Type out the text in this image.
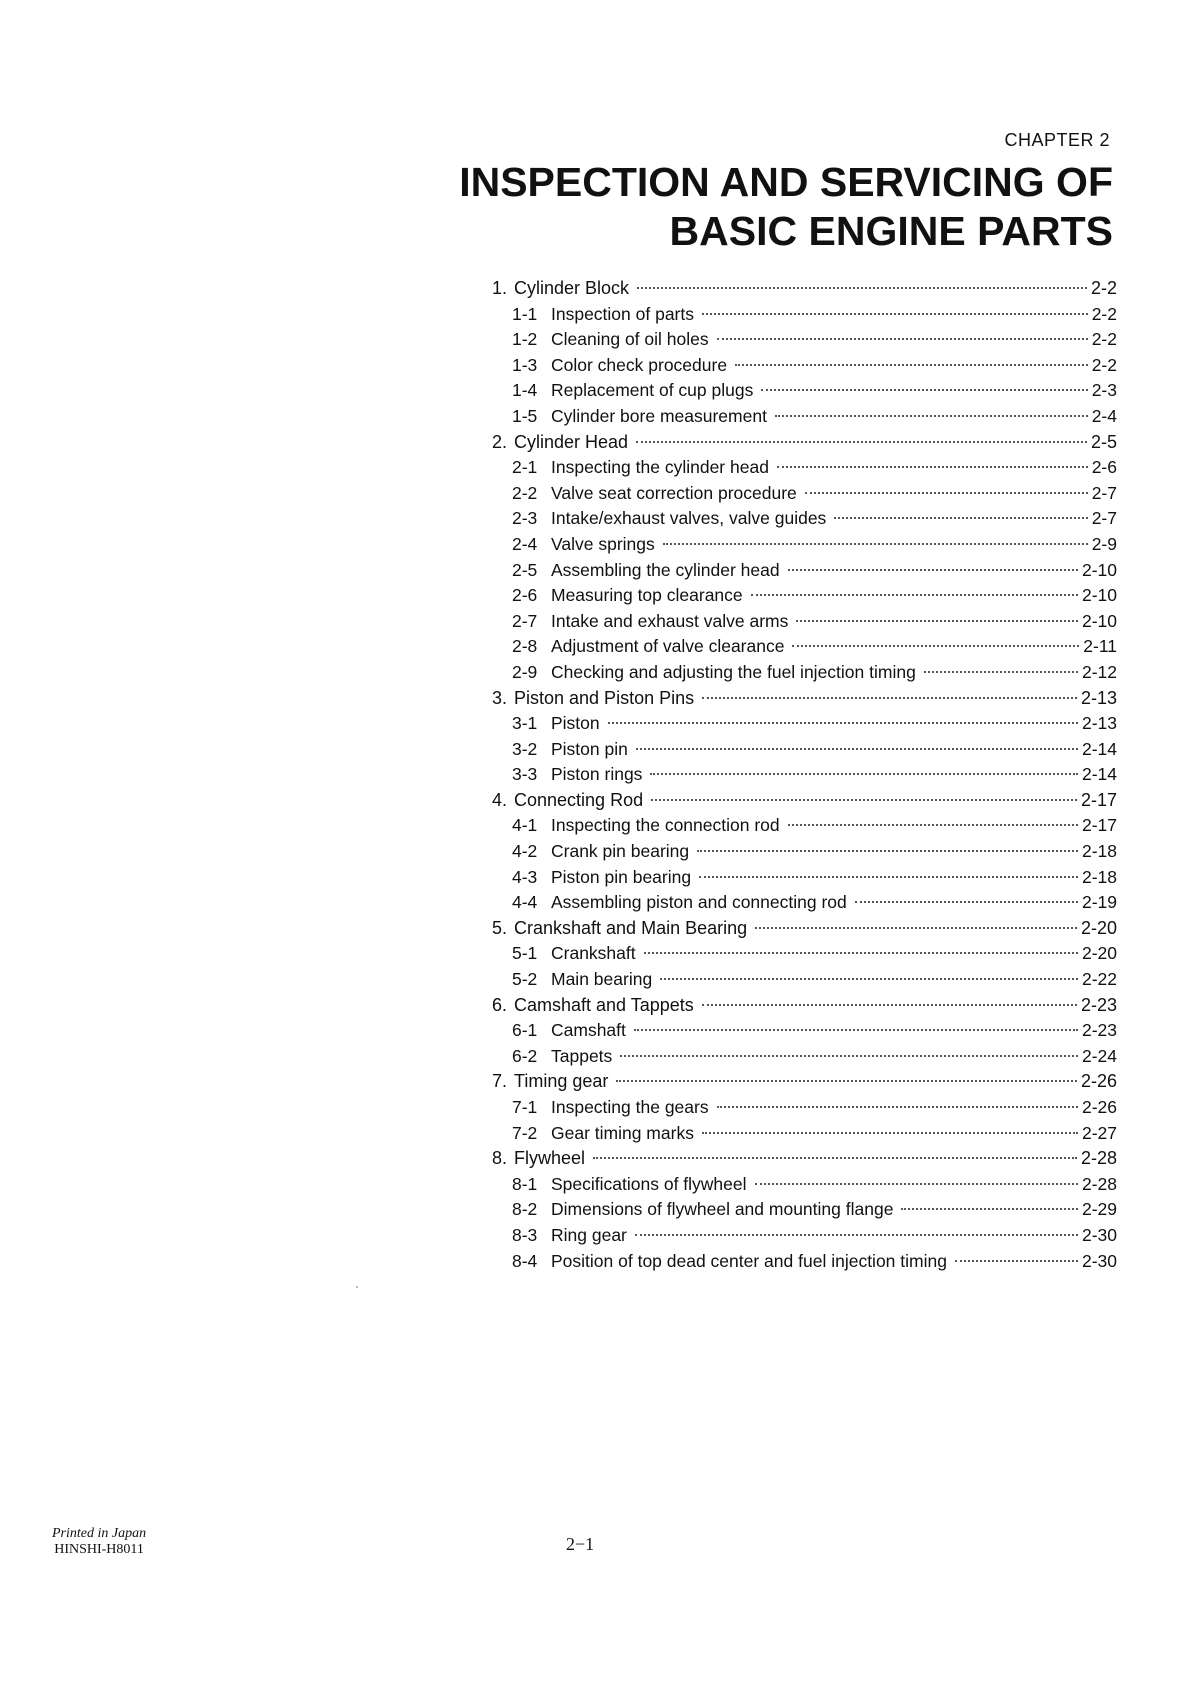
CHAPTER 2
INSPECTION AND SERVICING OF
BASIC ENGINE PARTS
1. Cylinder Block	2-2
1-1 Inspection of parts	2-2
1-2 Cleaning of oil holes	2-2
1-3 Color check procedure	2-2
1-4 Replacement of cup plugs	2-3
1-5 Cylinder bore measurement	2-4
2. Cylinder Head	2-5
2-1 Inspecting the cylinder head	2-6
2-2 Valve seat correction procedure	2-7
2-3 Intake/exhaust valves, valve guides	2-7
2-4 Valve springs	2-9
2-5 Assembling the cylinder head	2-10
2-6 Measuring top clearance	2-10
2-7 Intake and exhaust valve arms	2-10
2-8 Adjustment of valve clearance	2-11
2-9 Checking and adjusting the fuel injection timing	2-12
3. Piston and Piston Pins	2-13
3-1 Piston	2-13
3-2 Piston pin	2-14
3-3 Piston rings	2-14
4. Connecting Rod	2-17
4-1 Inspecting the connection rod	2-17
4-2 Crank pin bearing	2-18
4-3 Piston pin bearing	2-18
4-4 Assembling piston and connecting rod	2-19
5. Crankshaft and Main Bearing	2-20
5-1 Crankshaft	2-20
5-2 Main bearing	2-22
6. Camshaft and Tappets	2-23
6-1 Camshaft	2-23
6-2 Tappets	2-24
7. Timing gear	2-26
7-1 Inspecting the gears	2-26
7-2 Gear timing marks	2-27
8. Flywheel	2-28
8-1 Specifications of flywheel	2-28
8-2 Dimensions of flywheel and mounting flange	2-29
8-3 Ring gear	2-30
8-4 Position of top dead center and fuel injection timing	2-30
Printed in Japan
HINSHI-H8011	2−1
